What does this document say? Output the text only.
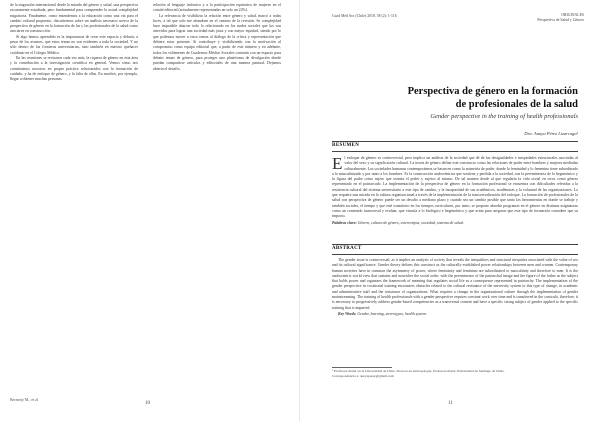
de la migración internacional desde la mirada del género y salud, una perspectiva escasamente estudiada, pero fundamental para comprender la actual complejidad migratoria. Finalmente, como entendemos a la educación como una vía para el cambio cultural propuesto, discutiremos sobre un análisis necesario acerca de la perspectiva de género en la formación de los y las profesionales de la salud como una tarea en construcción.

Si algo hemos aprendido es la importancia de crear este espacio y debatir, a pesar de los avances, que estos temas no son evidentes a toda la sociedad. Y no sólo dentro de las fronteras universitarias, sino también en nuestro quehacer cotidiano en el Colegio Médico.

En las reuniones se revisaron cada vez más, la riqueza de género en esta área y la contribución a la investigación científica en general. Vemos cómo nos constituimos nosotros en propia práctica relacionados con la formación de cuidado, y ha de enfoque de género, y la falta de ellas. En muchos, por ejemplo, llegar a obtener muchas personas

relación al lenguaje inclusivo y a la participación equitativa de mujeres en el comité editorial (actualmente representadas en solo un 22%).

La relevancia de visibilizar la relación entre género y salud, marcó a todas luces, a tal que solo me abandone en el camino de la revisión. Se complejidad hace imposible abarcar todo lo relacionado en los nudos sociales que los son atrevidos para lograr una sociedad más justa y con mayor equidad, siendo por lo que podemos mover a estos temas al diálogo de la crítica y representación que debiera estar presente. Si contribuye y visibilizando con la motivación al compromiso como equipo editorial que, a partir de este número y en adelante, todos los volúmenes de Cuadernos Médico Sociales contarán con un espacio para debatir temas de género, para proteger una plataforma de divulgación donde puedan compartirse artículos y editoriales de una manera puntual. Dejamos abierta el desafío.

Bermejo M., et al
10
Cuad Méd Soc (Chile) 2018, 58 (2): 1-116	ORIGINALES
Perspectiva de Salud y Género
Perspectiva de género en la formación de profesionales de la salud
Gender perspective in the training of health professionals
Dra. Anaya Pérez Lizarraga¹
RESUMEN
El enfoque de género es controversial, pero implica un análisis de la sociedad que dé de las desigualdades e inequidades estructurales asociadas al valor del sexo y su significación cultural. La teoría de género define este constructo como las relaciones de poder entre hombres y mujeres mediadas culturalmente. Las sociedades humanas contemporáneas se basan en como la asimetría de poder, donde la feminidad y lo femenino tiene subordinado a lo masculinizado y por tanto a los hombres. Es la construcción androcéntrica que sostiene y perdida a la sociedad, con la preeminencia de lo hegemónico y la figura del padre como sujeto que ostenta el poder y sujetos al mismo. De tal manera desde al que regularía la vida social en otros como género representado en el patriarcado. La implementación de la perspectiva de género en la formación profesional se encuentra con dificultades referidas a la resistencia cultural del sistema universitario a este tipo de cambio, y la incapacidad de sus académicos, académicas y la voluntad de las organizaciones. Lo que requiere una mirada en la cultura organizacional a través de la implementación de la transversalización del enfoque. La formación de profesionales de la salud con perspectiva de género puede ser un desafío a mediano plazo y cuando sea un cambio posible que tanto las herramientas en donde se trabaje y también sociales, el tiempo y que esté transitorio en los tiempos curriculares, por tanto, se propone abordar programas en el género en distintas asignaturas como un contenido transversal y evaluar, que vincula a lo biológico e hegemónico y que actúa para asegurar que este tipo de formación considere que su impacto.
Palabras clave: Género, cultura de género, estereotipos, sociedad, sistema de salud.
ABSTRACT
The gender issue is controversial, as it implies an analysis of society that reveals the inequalities and structural inequities associated with the value of sex and its cultural significance. Gender theory defines this construct as the culturally established power relationships between men and women. Contemporary human societies have in common the asymmetry of power, where femininity and feminism are subordinated to masculinity and therefore to men. It is the androcentric world view that sustains and nourishes the social order, with the preeminence of the patriarchal image and the figure of the father as the subject that holds power and organizes the framework of meaning that regulates social life as a consequence represented in patriarchy. The implementation of the gender perspective in vocational training encounters obstacles related to the cultural resistance of the university system to this type of change, in academic and administrative staff and the resistance of organizations. What requires a change in the organizational culture through the implementation of gender mainstreaming. The training of health professionals with a gender perspective requires constant work over time and is transferred in the curricula, therefore, it is necessary to progressively address gender-based competencies as a transversal content and have a specific strong subject of gender applied to the specific training that is imparted.
Key Words: Gender, learning, stereotypes, health system.
¹ Profesora titular en la Universidad de Chile. Doctora en Antropología. Profesora titular Universidad de Santiago de Chile.
Correspondencia a: aneyaperez@gmail.com
11
